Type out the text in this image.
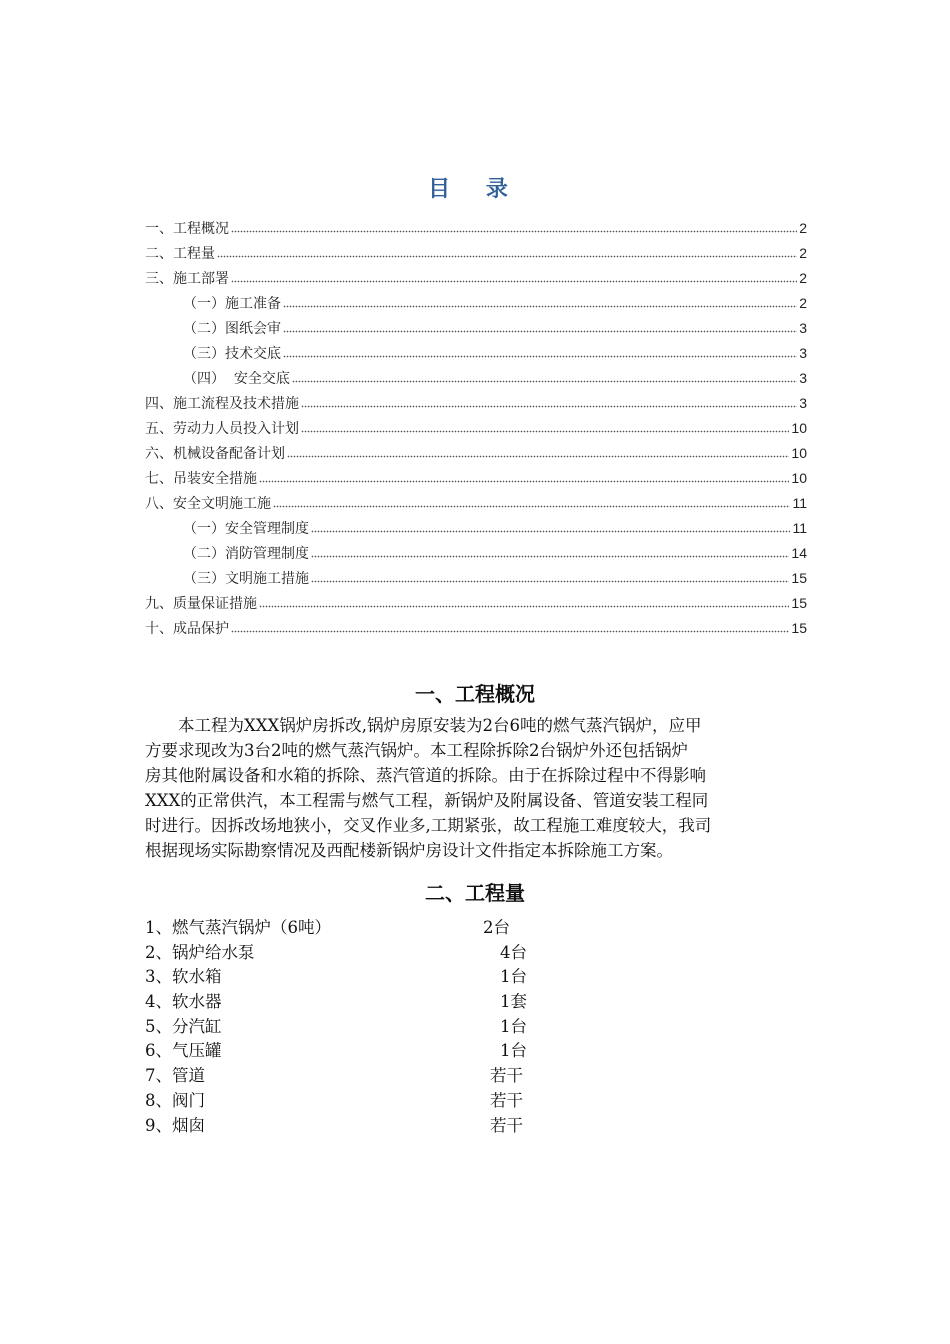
目 录
一、工程概况	2
二、工程量	2
三、施工部署	2
（一）施工准备	2
（二）图纸会审	3
（三）技术交底	3
（四）  安全交底	3
四、施工流程及技术措施	3
五、劳动力人员投入计划	10
六、机械设备配备计划	10
七、吊装安全措施	10
八、安全文明施工施	11
（一）安全管理制度	11
（二）消防管理制度	14
（三）文明施工措施	15
九、质量保证措施	15
十、成品保护	15
一、工程概况
　　本工程为XXX锅炉房拆改,锅炉房原安装为2台6吨的燃气蒸汽锅炉，应甲
方要求现改为3台2吨的燃气蒸汽锅炉。本工程除拆除2台锅炉外还包括锅炉
房其他附属设备和水箱的拆除、蒸汽管道的拆除。由于在拆除过程中不得影响
XXX的正常供汽，本工程需与燃气工程，新锅炉及附属设备、管道安装工程同
时进行。因拆改场地狭小，交叉作业多,工期紧张，故工程施工难度较大，我司
根据现场实际勘察情况及西配楼新锅炉房设计文件指定本拆除施工方案。
二、工程量
1、燃气蒸汽锅炉（6吨）	2台
2、锅炉给水泵	4台
3、软水箱	1台
4、软水器	1套
5、分汽缸	1台
6、气压罐	1台
7、管道	若干
8、阀门	若干
9、烟囱	若干
